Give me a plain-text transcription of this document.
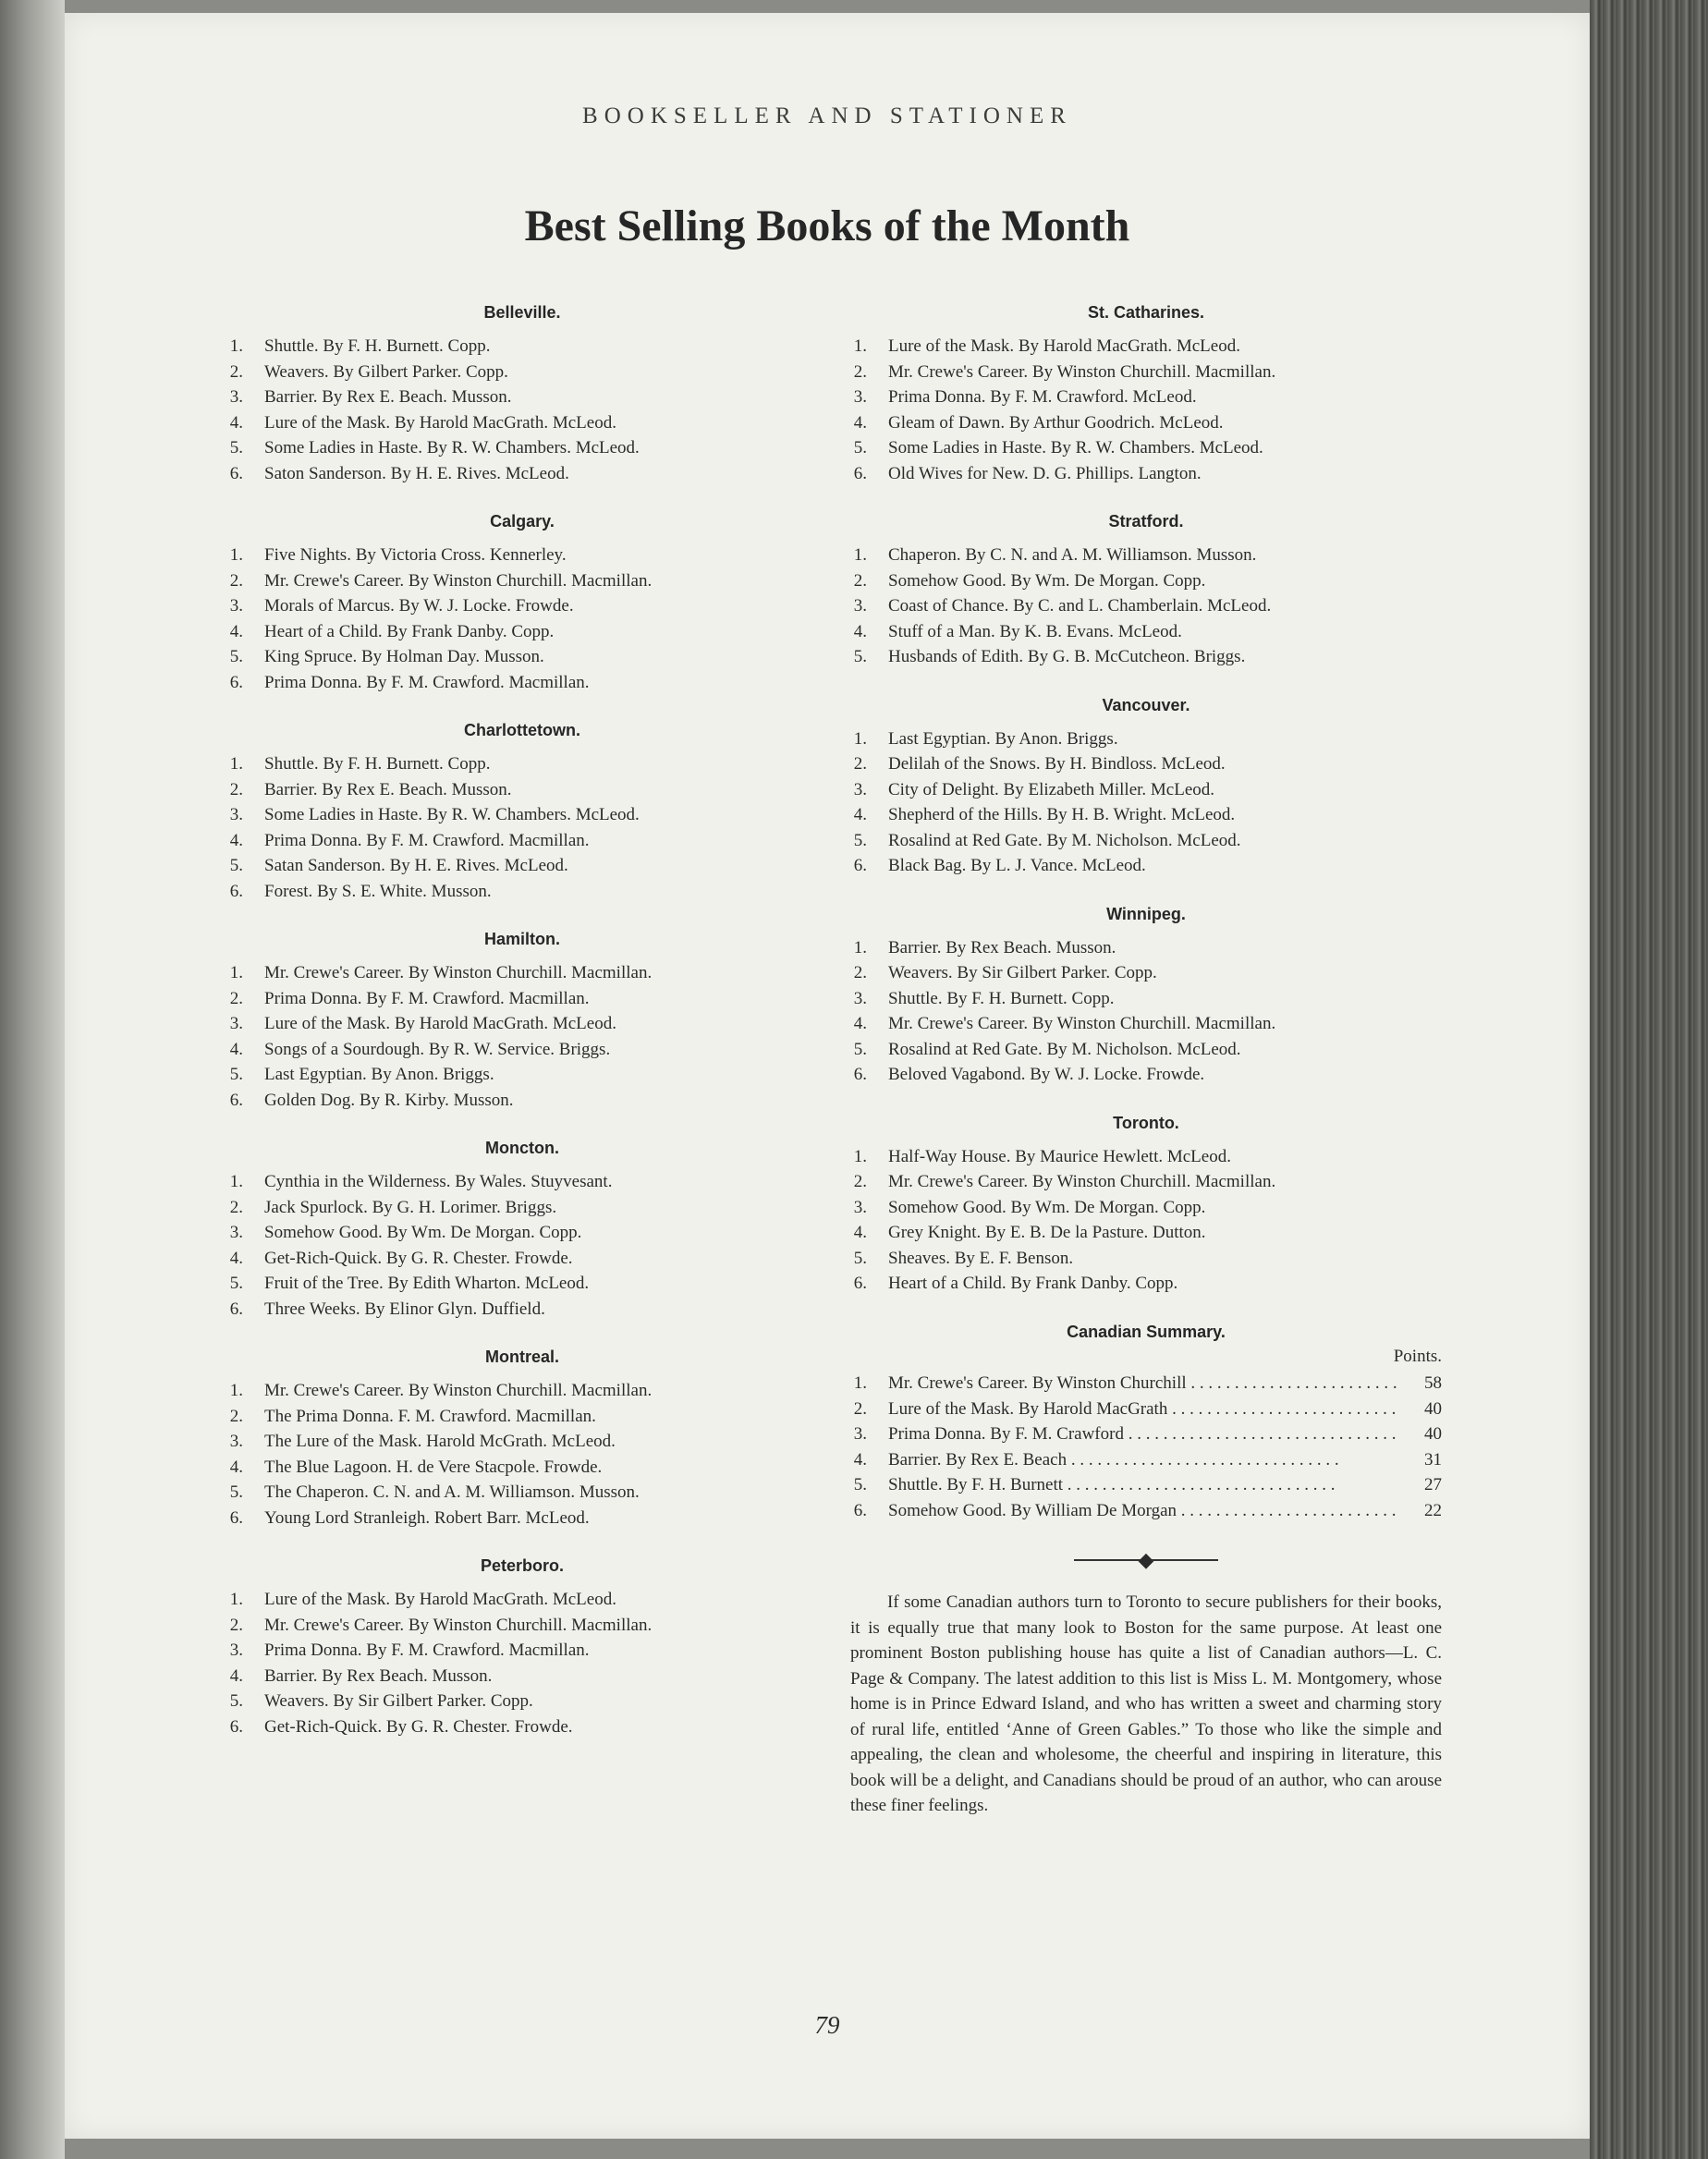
BOOKSELLER AND STATIONER
Best Selling Books of the Month
Belleville.
1. Shuttle. By F. H. Burnett. Copp.
2. Weavers. By Gilbert Parker. Copp.
3. Barrier. By Rex E. Beach. Musson.
4. Lure of the Mask. By Harold MacGrath. McLeod.
5. Some Ladies in Haste. By R. W. Chambers. McLeod.
6. Saton Sanderson. By H. E. Rives. McLeod.
Calgary.
1. Five Nights. By Victoria Cross. Kennerley.
2. Mr. Crewe's Career. By Winston Churchill. Macmillan.
3. Morals of Marcus. By W. J. Locke. Frowde.
4. Heart of a Child. By Frank Danby. Copp.
5. King Spruce. By Holman Day. Musson.
6. Prima Donna. By F. M. Crawford. Macmillan.
Charlottetown.
1. Shuttle. By F. H. Burnett. Copp.
2. Barrier. By Rex E. Beach. Musson.
3. Some Ladies in Haste. By R. W. Chambers. McLeod.
4. Prima Donna. By F. M. Crawford. Macmillan.
5. Satan Sanderson. By H. E. Rives. McLeod.
6. Forest. By S. E. White. Musson.
Hamilton.
1. Mr. Crewe's Career. By Winston Churchill. Macmillan.
2. Prima Donna. By F. M. Crawford. Macmillan.
3. Lure of the Mask. By Harold MacGrath. McLeod.
4. Songs of a Sourdough. By R. W. Service. Briggs.
5. Last Egyptian. By Anon. Briggs.
6. Golden Dog. By R. Kirby. Musson.
Moncton.
1. Cynthia in the Wilderness. By Wales. Stuyvesant.
2. Jack Spurlock. By G. H. Lorimer. Briggs.
3. Somehow Good. By Wm. De Morgan. Copp.
4. Get-Rich-Quick. By G. R. Chester. Frowde.
5. Fruit of the Tree. By Edith Wharton. McLeod.
6. Three Weeks. By Elinor Glyn. Duffield.
Montreal.
1. Mr. Crewe's Career. By Winston Churchill. Macmillan.
2. The Prima Donna. F. M. Crawford. Macmillan.
3. The Lure of the Mask. Harold McGrath. McLeod.
4. The Blue Lagoon. H. de Vere Stacpole. Frowde.
5. The Chaperon. C. N. and A. M. Williamson. Musson.
6. Young Lord Stranleigh. Robert Barr. McLeod.
Peterboro.
1. Lure of the Mask. By Harold MacGrath. McLeod.
2. Mr. Crewe's Career. By Winston Churchill. Macmillan.
3. Prima Donna. By F. M. Crawford. Macmillan.
4. Barrier. By Rex Beach. Musson.
5. Weavers. By Sir Gilbert Parker. Copp.
6. Get-Rich-Quick. By G. R. Chester. Frowde.
St. Catharines.
1. Lure of the Mask. By Harold MacGrath. McLeod.
2. Mr. Crewe's Career. By Winston Churchill. Macmillan.
3. Prima Donna. By F. M. Crawford. McLeod.
4. Gleam of Dawn. By Arthur Goodrich. McLeod.
5. Some Ladies in Haste. By R. W. Chambers. McLeod.
6. Old Wives for New. D. G. Phillips. Langton.
Stratford.
1. Chaperon. By C. N. and A. M. Williamson. Musson.
2. Somehow Good. By Wm. De Morgan. Copp.
3. Coast of Chance. By C. and L. Chamberlain. McLeod.
4. Stuff of a Man. By K. B. Evans. McLeod.
5. Husbands of Edith. By G. B. McCutcheon. Briggs.
Vancouver.
1. Last Egyptian. By Anon. Briggs.
2. Delilah of the Snows. By H. Bindloss. McLeod.
3. City of Delight. By Elizabeth Miller. McLeod.
4. Shepherd of the Hills. By H. B. Wright. McLeod.
5. Rosalind at Red Gate. By M. Nicholson. McLeod.
6. Black Bag. By L. J. Vance. McLeod.
Winnipeg.
1. Barrier. By Rex Beach. Musson.
2. Weavers. By Sir Gilbert Parker. Copp.
3. Shuttle. By F. H. Burnett. Copp.
4. Mr. Crewe's Career. By Winston Churchill. Macmillan.
5. Rosalind at Red Gate. By M. Nicholson. McLeod.
6. Beloved Vagabond. By W. J. Locke. Frowde.
Toronto.
1. Half-Way House. By Maurice Hewlett. McLeod.
2. Mr. Crewe's Career. By Winston Churchill. Macmillan.
3. Somehow Good. By Wm. De Morgan. Copp.
4. Grey Knight. By E. B. De la Pasture. Dutton.
5. Sheaves. By E. F. Benson.
6. Heart of a Child. By Frank Danby. Copp.
Canadian Summary.
Points.
1. Mr. Crewe's Career. By Winston Churchill . . .	58
2. Lure of the Mask. By Harold MacGrath . . .	40
3. Prima Donna. By F. M. Crawford . . .	40
4. Barrier. By Rex E. Beach . . .	31
5. Shuttle. By F. H. Burnett . . .	27
6. Somehow Good. By William De Morgan . . .	22
◆

If some Canadian authors turn to Toronto to secure publishers for their books, it is equally true that many look to Boston for the same purpose. At least one prominent Boston publishing house has quite a list of Canadian authors—L. C. Page & Company. The latest addition to this list is Miss L. M. Montgomery, whose home is in Prince Edward Island, and who has written a sweet and charming story of rural life, entitled ‘Anne of Green Gables.” To those who like the simple and appealing, the clean and wholesome, the cheerful and inspiring in literature, this book will be a delight, and Canadians should be proud of an author, who can arouse these finer feelings.

79
